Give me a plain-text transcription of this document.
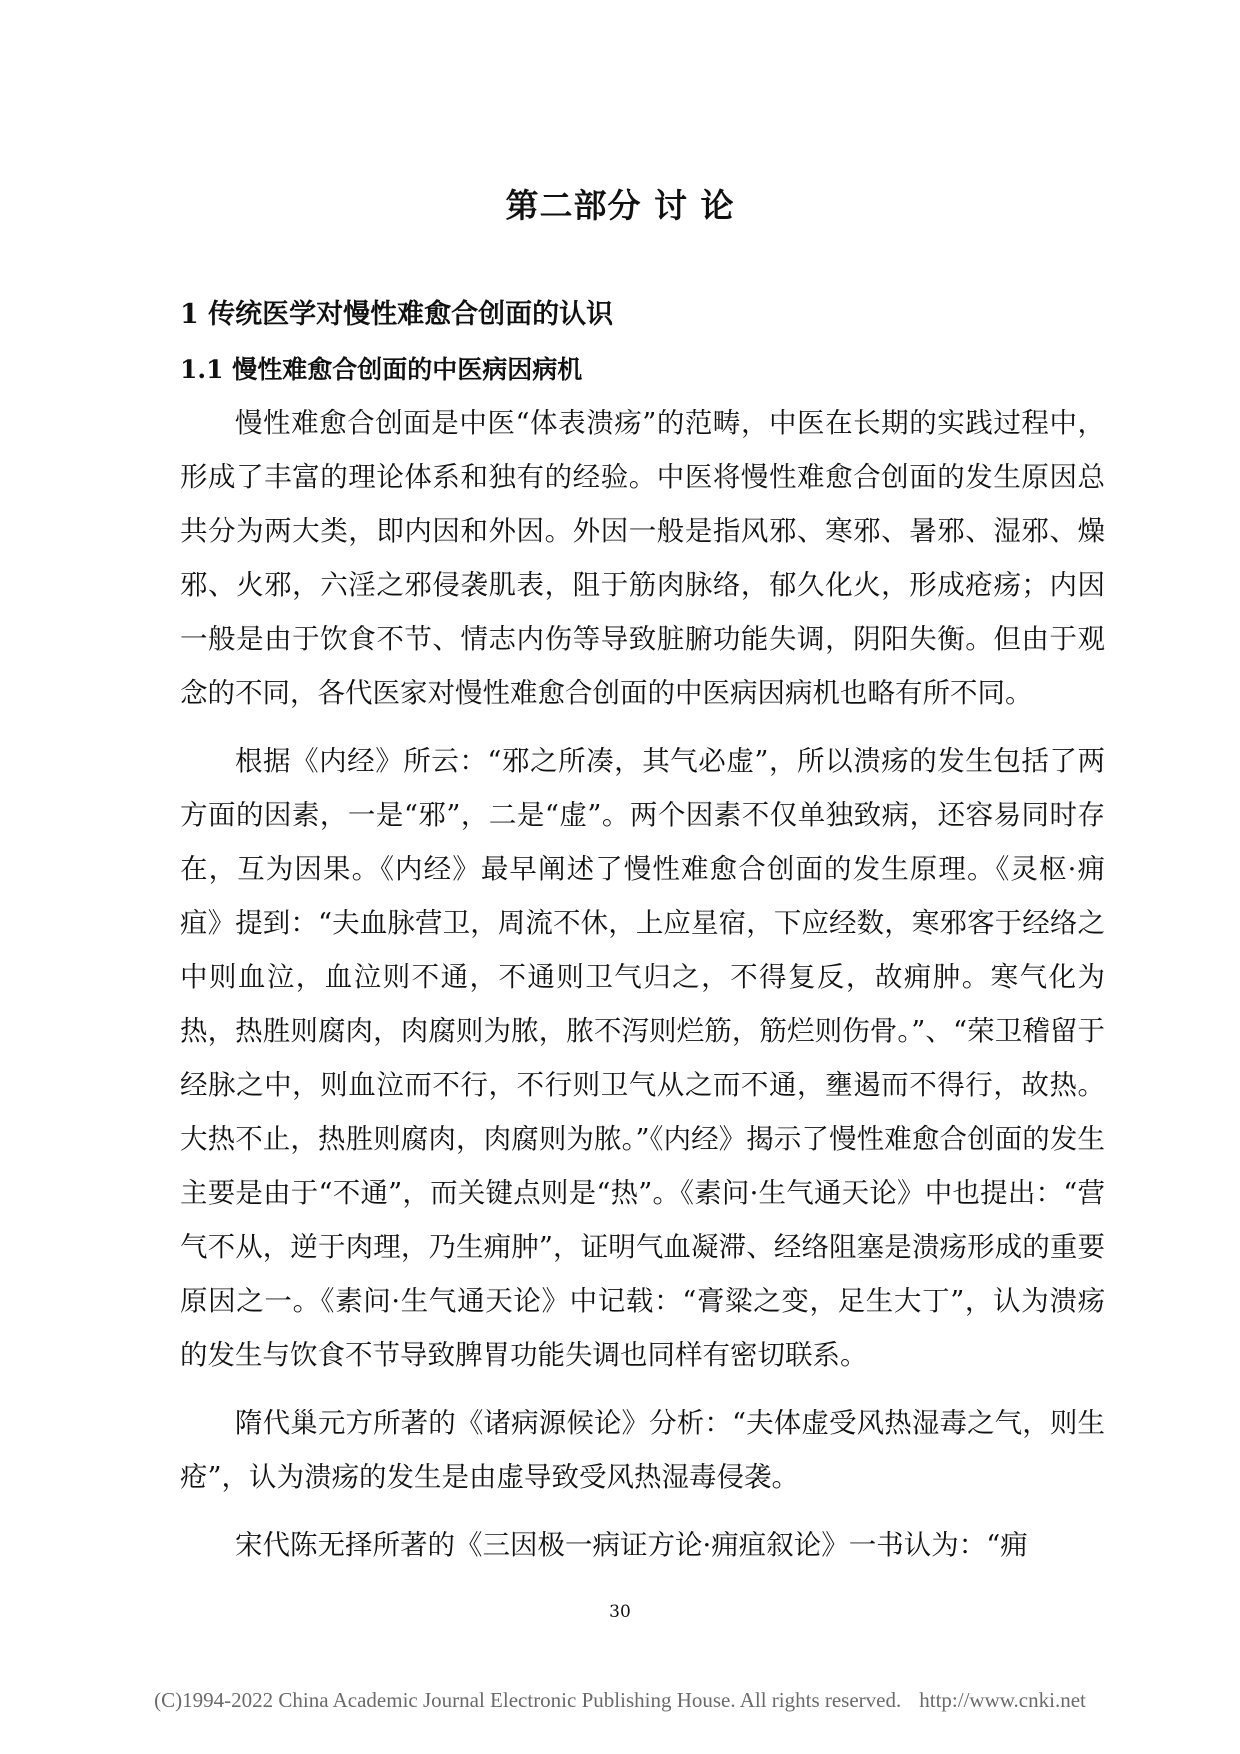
第二部分 讨 论
1 传统医学对慢性难愈合创面的认识
1.1 慢性难愈合创面的中医病因病机

慢性难愈合创面是中医“体表溃疡”的范畴，中医在长期的实践过程中，形成了丰富的理论体系和独有的经验。中医将慢性难愈合创面的发生原因总共分为两大类，即内因和外因。外因一般是指风邪、寒邪、暑邪、湿邪、燥邪、火邪，六淫之邪侵袭肌表，阻于筋肉脉络，郁久化火，形成疮疡；内因一般是由于饮食不节、情志内伤等导致脏腑功能失调，阴阳失衡。但由于观念的不同，各代医家对慢性难愈合创面的中医病因病机也略有所不同。

根据《内经》所云：“邪之所凑，其气必虚”，所以溃疡的发生包括了两方面的因素，一是“邪”，二是“虚”。两个因素不仅单独致病，还容易同时存在，互为因果。《内经》最早阐述了慢性难愈合创面的发生原理。《灵枢·痈疽》提到：“夫血脉营卫，周流不休，上应星宿，下应经数，寒邪客于经络之中则血泣，血泣则不通，不通则卫气归之，不得复反，故痈肿。寒气化为热，热胜则腐肉，肉腐则为脓，脓不泻则烂筋，筋烂则伤骨。”、“荣卫稽留于经脉之中，则血泣而不行，不行则卫气从之而不通，壅遏而不得行，故热。大热不止，热胜则腐肉，肉腐则为脓。”《内经》揭示了慢性难愈合创面的发生主要是由于“不通”，而关键点则是“热”。《素问·生气通天论》中也提出：“营气不从，逆于肉理，乃生痈肿”，证明气血凝滞、经络阻塞是溃疡形成的重要原因之一。《素问·生气通天论》中记载：“膏粱之变，足生大丁”，认为溃疡的发生与饮食不节导致脾胃功能失调也同样有密切联系。

隋代巢元方所著的《诸病源候论》分析：“夫体虚受风热湿毒之气，则生疮”，认为溃疡的发生是由虚导致受风热湿毒侵袭。

宋代陈无择所著的《三因极一病证方论·痈疽叙论》一书认为：“痈

30
(C)1994-2022 China Academic Journal Electronic Publishing House. All rights reserved. http://www.cnki.net
